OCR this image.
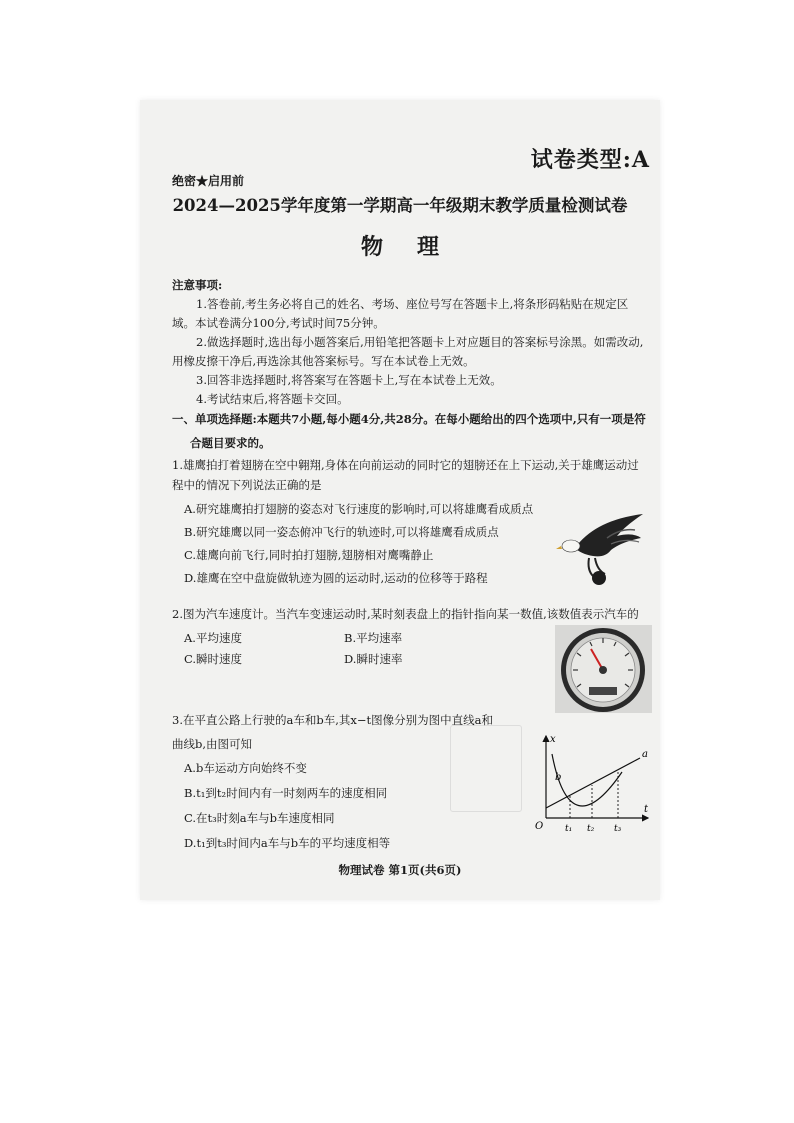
试卷类型:A
绝密★启用前
2024—2025学年度第一学期高一年级期末教学质量检测试卷
物理

注意事项:

1.答卷前,考生务必将自己的姓名、考场、座位号写在答题卡上,将条形码粘贴在规定区域。本试卷满分100分,考试时间75分钟。

2.做选择题时,选出每小题答案后,用铅笔把答题卡上对应题目的答案标号涂黑。如需改动,用橡皮擦干净后,再选涂其他答案标号。写在本试卷上无效。

3.回答非选择题时,将答案写在答题卡上,写在本试卷上无效。

4.考试结束后,将答题卡交回。

一、单项选择题:本题共7小题,每小题4分,共28分。在每小题给出的四个选项中,只有一项是符合题目要求的。

1.雄鹰拍打着翅膀在空中翱翔,身体在向前运动的同时它的翅膀还在上下运动,关于雄鹰运动过程中的情况下列说法正确的是

A.研究雄鹰拍打翅膀的姿态对飞行速度的影响时,可以将雄鹰看成质点

B.研究雄鹰以同一姿态俯冲飞行的轨迹时,可以将雄鹰看成质点

C.雄鹰向前飞行,同时拍打翅膀,翅膀相对鹰嘴静止

D.雄鹰在空中盘旋做轨迹为圆的运动时,运动的位移等于路程

2.图为汽车速度计。当汽车变速运动时,某时刻表盘上的指针指向某一数值,该数值表示汽车的

A.平均速度	B.平均速率
C.瞬时速度	D.瞬时速率

3.在平直公路上行驶的a车和b车,其x−t图像分别为图中直线a和曲线b,由图可知

A.b车运动方向始终不变

B.t₁到t₂时间内有一时刻两车的速度相同

C.在t₃时刻a车与b车速度相同

D.t₁到t₃时间内a车与b车的平均速度相等

x
t
O
a
b
t₁ t₂ t₃
物理试卷 第1页(共6页)
